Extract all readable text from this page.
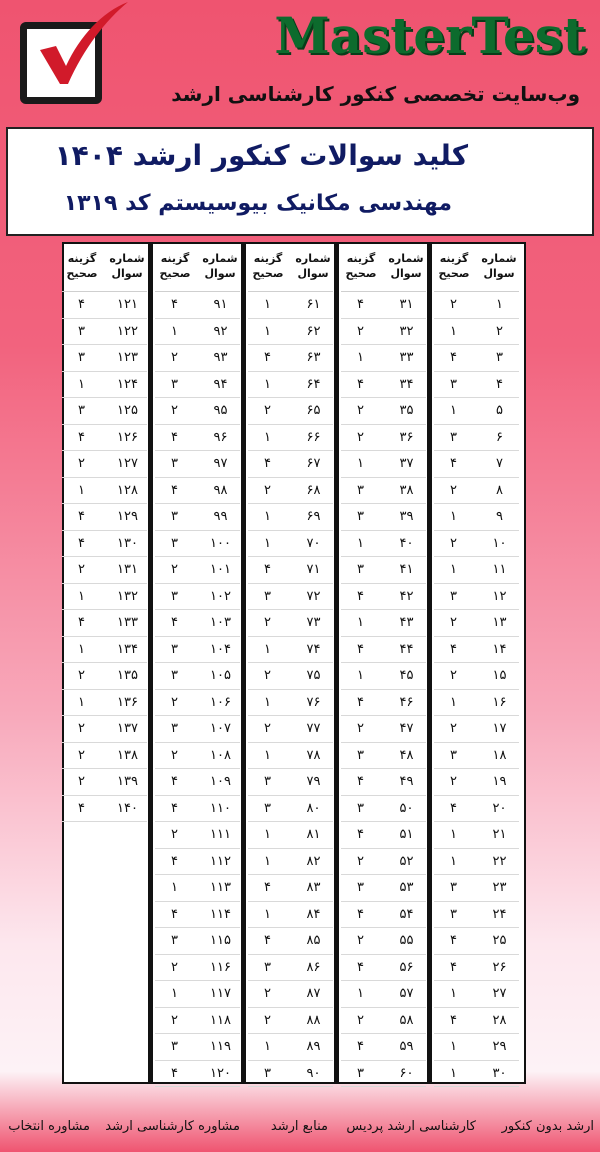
MasterTest
وب‌سایت تخصصی کنکور کارشناسی ارشد
کلید سوالات کنکور ارشد ۱۴۰۴
مهندسی مکانیک بیوسیستم کد ۱۳۱۹
شماره سوال
گزینه صحیح
۱
۲
۲
۱
۳
۴
۴
۳
۵
۱
۶
۳
۷
۴
۸
۲
۹
۱
۱۰
۲
۱۱
۱
۱۲
۳
۱۳
۲
۱۴
۴
۱۵
۲
۱۶
۱
۱۷
۲
۱۸
۳
۱۹
۲
۲۰
۴
۲۱
۱
۲۲
۱
۲۳
۳
۲۴
۳
۲۵
۴
۲۶
۴
۲۷
۱
۲۸
۴
۲۹
۱
۳۰
۱
شماره سوال
گزینه صحیح
۳۱
۴
۳۲
۲
۳۳
۱
۳۴
۴
۳۵
۲
۳۶
۲
۳۷
۱
۳۸
۳
۳۹
۳
۴۰
۱
۴۱
۳
۴۲
۴
۴۳
۱
۴۴
۴
۴۵
۱
۴۶
۴
۴۷
۲
۴۸
۳
۴۹
۴
۵۰
۳
۵۱
۴
۵۲
۲
۵۳
۳
۵۴
۴
۵۵
۲
۵۶
۴
۵۷
۱
۵۸
۲
۵۹
۴
۶۰
۳
شماره سوال
گزینه صحیح
۶۱
۱
۶۲
۱
۶۳
۴
۶۴
۱
۶۵
۲
۶۶
۱
۶۷
۴
۶۸
۲
۶۹
۱
۷۰
۱
۷۱
۴
۷۲
۳
۷۳
۲
۷۴
۱
۷۵
۲
۷۶
۱
۷۷
۲
۷۸
۱
۷۹
۳
۸۰
۳
۸۱
۱
۸۲
۱
۸۳
۴
۸۴
۱
۸۵
۴
۸۶
۳
۸۷
۲
۸۸
۲
۸۹
۱
۹۰
۳
شماره سوال
گزینه صحیح
۹۱
۴
۹۲
۱
۹۳
۲
۹۴
۳
۹۵
۲
۹۶
۴
۹۷
۳
۹۸
۴
۹۹
۳
۱۰۰
۳
۱۰۱
۲
۱۰۲
۳
۱۰۳
۴
۱۰۴
۳
۱۰۵
۳
۱۰۶
۲
۱۰۷
۳
۱۰۸
۲
۱۰۹
۴
۱۱۰
۴
۱۱۱
۲
۱۱۲
۴
۱۱۳
۱
۱۱۴
۴
۱۱۵
۳
۱۱۶
۲
۱۱۷
۱
۱۱۸
۲
۱۱۹
۳
۱۲۰
۴
شماره سوال
گزینه صحیح
۱۲۱
۴
۱۲۲
۳
۱۲۳
۳
۱۲۴
۱
۱۲۵
۳
۱۲۶
۴
۱۲۷
۲
۱۲۸
۱
۱۲۹
۴
۱۳۰
۴
۱۳۱
۲
۱۳۲
۱
۱۳۳
۴
۱۳۴
۱
۱۳۵
۲
۱۳۶
۱
۱۳۷
۲
۱۳۸
۲
۱۳۹
۲
۱۴۰
۴
ارشد بدون کنکور
کارشناسی ارشد پردیس
منابع ارشد
مشاوره کارشناسی ارشد
مشاوره انتخاب
